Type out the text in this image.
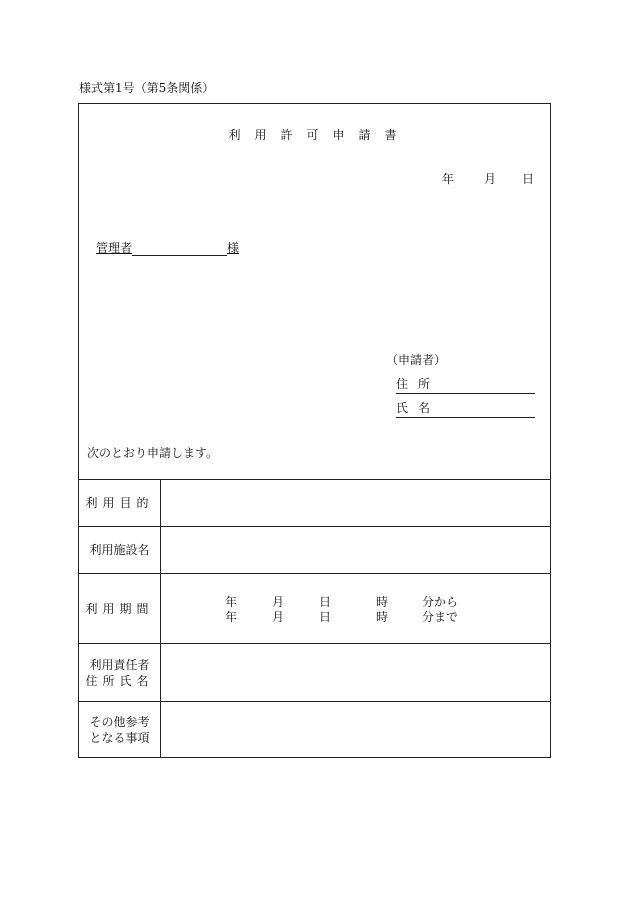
様式第1号（第5条関係）
利用許可申請書
年	月	日
管理者	様
（申請者）
住所
氏名
次のとおり申請します。
利用目的
利用施設名
利用期間	年	月	日	時	分から
年	月	日	時	分まで
利用責任者
住所氏名
その他参考
となる事項
